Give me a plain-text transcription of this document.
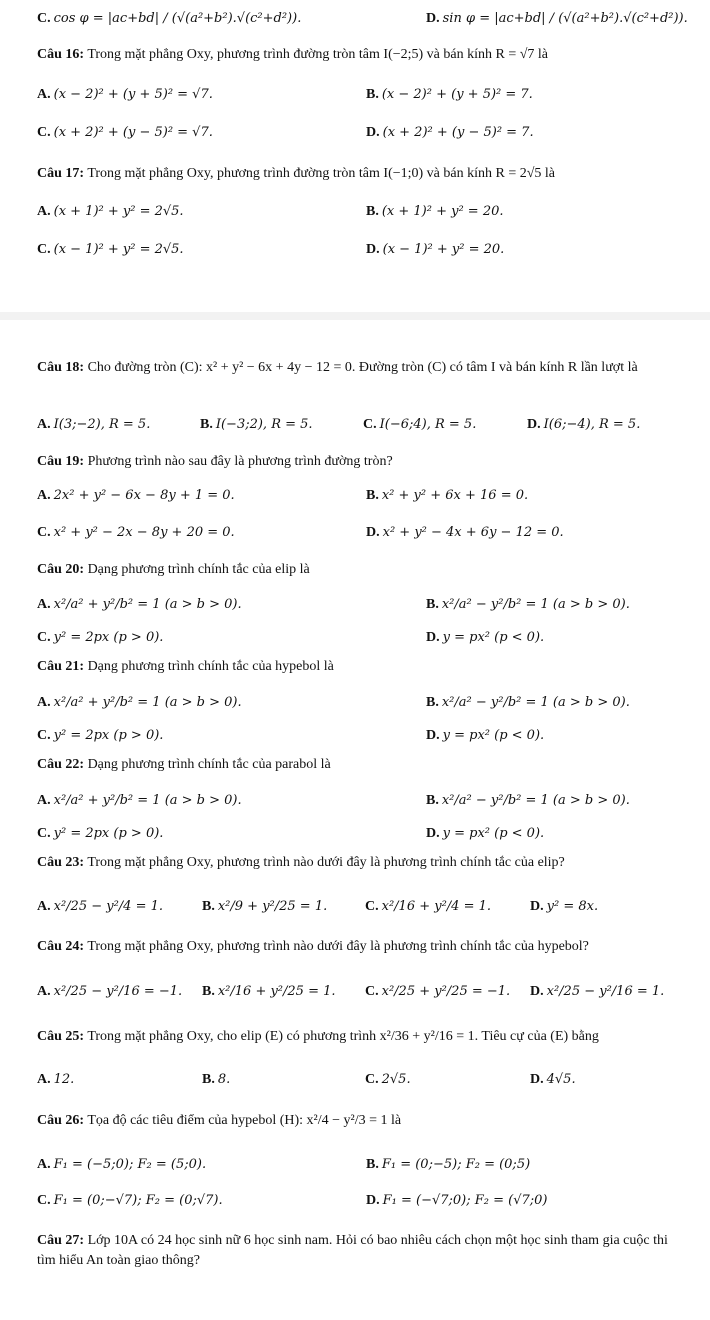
C. cos φ = |ac+bd| / (√(a²+b²).√(c²+d²)).	D. sin φ = |ac+bd| / (√(a²+b²).√(c²+d²)).
Câu 16: Trong mặt phẳng Oxy, phương trình đường tròn tâm I(−2;5) và bán kính R = √7 là
A. (x − 2)² + (y + 5)² = √7.	B. (x − 2)² + (y + 5)² = 7.
C. (x + 2)² + (y − 5)² = √7.	D. (x + 2)² + (y − 5)² = 7.
Câu 17: Trong mặt phẳng Oxy, phương trình đường tròn tâm I(−1;0) và bán kính R = 2√5 là
A. (x + 1)² + y² = 2√5.	B. (x + 1)² + y² = 20.
C. (x − 1)² + y² = 2√5.	D. (x − 1)² + y² = 20.
Câu 18: Cho đường tròn (C): x² + y² − 6x + 4y − 12 = 0. Đường tròn (C) có tâm I và bán kính R lần lượt là
A. I(3;−2), R = 5.	B. I(−3;2), R = 5.	C. I(−6;4), R = 5.	D. I(6;−4), R = 5.
Câu 19: Phương trình nào sau đây là phương trình đường tròn?
A. 2x² + y² − 6x − 8y + 1 = 0.	B. x² + y² + 6x + 16 = 0.
C. x² + y² − 2x − 8y + 20 = 0.	D. x² + y² − 4x + 6y − 12 = 0.
Câu 20: Dạng phương trình chính tắc của elip là
A. x²/a² + y²/b² = 1 (a > b > 0).	B. x²/a² − y²/b² = 1 (a > b > 0).
C. y² = 2px (p > 0).	D. y = px² (p < 0).
Câu 21: Dạng phương trình chính tắc của hypebol là
A. x²/a² + y²/b² = 1 (a > b > 0).	B. x²/a² − y²/b² = 1 (a > b > 0).
C. y² = 2px (p > 0).	D. y = px² (p < 0).
Câu 22: Dạng phương trình chính tắc của parabol là
A. x²/a² + y²/b² = 1 (a > b > 0).	B. x²/a² − y²/b² = 1 (a > b > 0).
C. y² = 2px (p > 0).	D. y = px² (p < 0).
Câu 23: Trong mặt phẳng Oxy, phương trình nào dưới đây là phương trình chính tắc của elip?
A. x²/25 − y²/4 = 1.	B. x²/9 + y²/25 = 1.	C. x²/16 + y²/4 = 1.	D. y² = 8x.
Câu 24: Trong mặt phẳng Oxy, phương trình nào dưới đây là phương trình chính tắc của hypebol?
A. x²/25 − y²/16 = −1. B. x²/16 + y²/25 = 1. C. x²/25 + y²/25 = −1. D. x²/25 − y²/16 = 1.
Câu 25: Trong mặt phẳng Oxy, cho elip (E) có phương trình x²/36 + y²/16 = 1. Tiêu cự của (E) bằng
A. 12.	B. 8.	C. 2√5.	D. 4√5.
Câu 26: Tọa độ các tiêu điểm của hypebol (H): x²/4 − y²/3 = 1 là
A. F₁ = (−5;0); F₂ = (5;0).	B. F₁ = (0;−5); F₂ = (0;5)
C. F₁ = (0;−√7); F₂ = (0;√7).	D. F₁ = (−√7;0); F₂ = (√7;0)
Câu 27: Lớp 10A có 24 học sinh nữ 6 học sinh nam. Hỏi có bao nhiêu cách chọn một học sinh tham gia cuộc thi tìm hiểu An toàn giao thông?
